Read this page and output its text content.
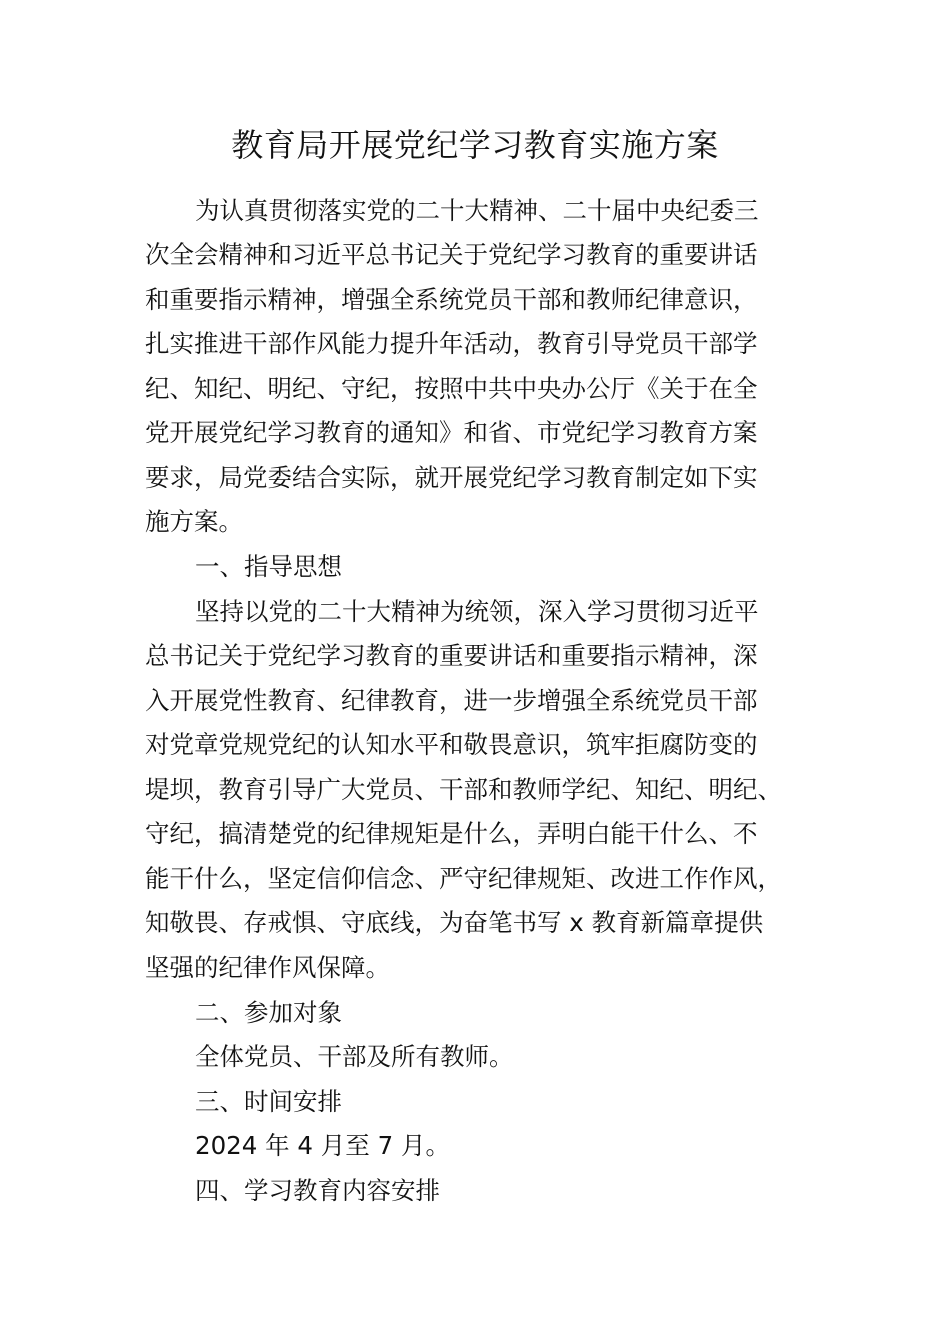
教育局开展党纪学习教育实施方案

为认真贯彻落实党的二十大精神、二十届中央纪委三

次全会精神和习近平总书记关于党纪学习教育的重要讲话

和重要指示精神，增强全系统党员干部和教师纪律意识，

扎实推进干部作风能力提升年活动，教育引导党员干部学

纪、知纪、明纪、守纪，按照中共中央办公厅《关于在全

党开展党纪学习教育的通知》和省、市党纪学习教育方案

要求，局党委结合实际，就开展党纪学习教育制定如下实

施方案。

一、指导思想

坚持以党的二十大精神为统领，深入学习贯彻习近平

总书记关于党纪学习教育的重要讲话和重要指示精神，深

入开展党性教育、纪律教育，进一步增强全系统党员干部

对党章党规党纪的认知水平和敬畏意识，筑牢拒腐防变的

堤坝，教育引导广大党员、干部和教师学纪、知纪、明纪、

守纪，搞清楚党的纪律规矩是什么，弄明白能干什么、不

能干什么，坚定信仰信念、严守纪律规矩、改进工作作风，

知敬畏、存戒惧、守底线，为奋笔书写 x 教育新篇章提供

坚强的纪律作风保障。

二、参加对象

全体党员、干部及所有教师。

三、时间安排

2024 年 4 月至 7 月。

四、学习教育内容安排
